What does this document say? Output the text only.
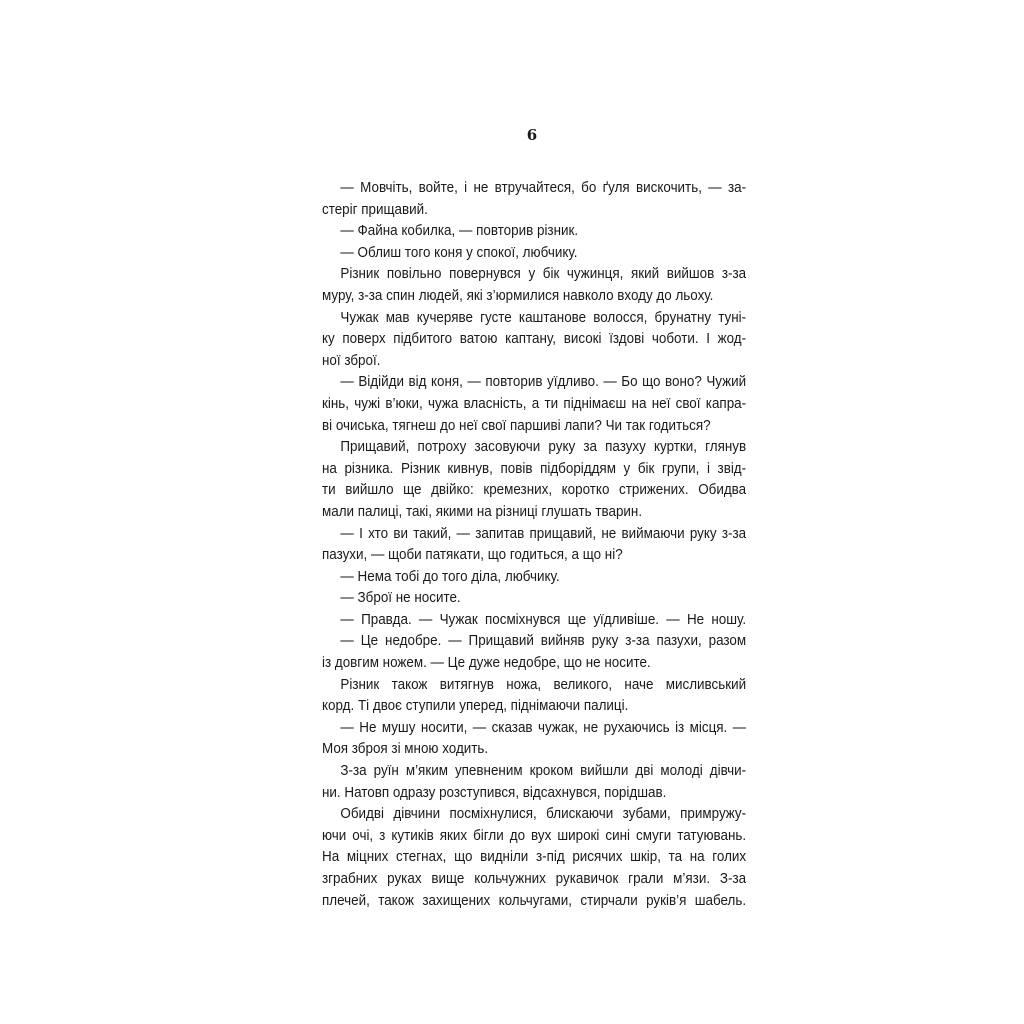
6
— Мовчіть, войте, і не втручайтеся, бо ґуля вискочить, — за-
стеріг прищавий.
— Файна кобилка, — повторив різник.
— Облиш того коня у спокої, любчику.
Різник повільно повернувся у бік чужинця, який вийшов з-за
муру, з-за спин людей, які з’юрмилися навколо входу до льоху.
Чужак мав кучеряве густе каштанове волосся, брунатну туні-
ку поверх підбитого ватою каптану, високі їздові чоботи. І жод-
ної зброї.
— Відійди від коня, — повторив уїдливо. — Бо що воно? Чужий
кінь, чужі в’юки, чужа власність, а ти піднімаєш на неї свої капра-
ві очиська, тягнеш до неї свої паршиві лапи? Чи так годиться?
Прищавий, потроху засовуючи руку за пазуху куртки, глянув
на різника. Різник кивнув, повів підборіддям у бік групи, і звід-
ти вийшло ще двійко: кремезних, коротко стрижених. Обидва
мали палиці, такі, якими на різниці глушать тварин.
— І хто ви такий, — запитав прищавий, не виймаючи руку з-за
пазухи, — щоби патякати, що годиться, а що ні?
— Нема тобі до того діла, любчику.
— Зброї не носите.
— Правда. — Чужак посміхнувся ще уїдливіше. — Не ношу.
— Це недобре. — Прищавий вийняв руку з-за пазухи, разом
із довгим ножем. — Це дуже недобре, що не носите.
Різник також витягнув ножа, великого, наче мисливський
корд. Ті двоє ступили уперед, піднімаючи палиці.
— Не мушу носити, — сказав чужак, не рухаючись із місця. —
Моя зброя зі мною ходить.
З-за руїн м’яким упевненим кроком вийшли дві молоді дівчи-
ни. Натовп одразу розступився, відсахнувся, порідшав.
Обидві дівчини посміхнулися, блискаючи зубами, примружу-
ючи очі, з кутиків яких бігли до вух широкі сині смуги татуювань.
На міцних стегнах, що видніли з-під рисячих шкір, та на голих
зграбних руках вище кольчужних рукавичок грали м’язи. З-за
плечей, також захищених кольчугами, стирчали руків’я шабель.
